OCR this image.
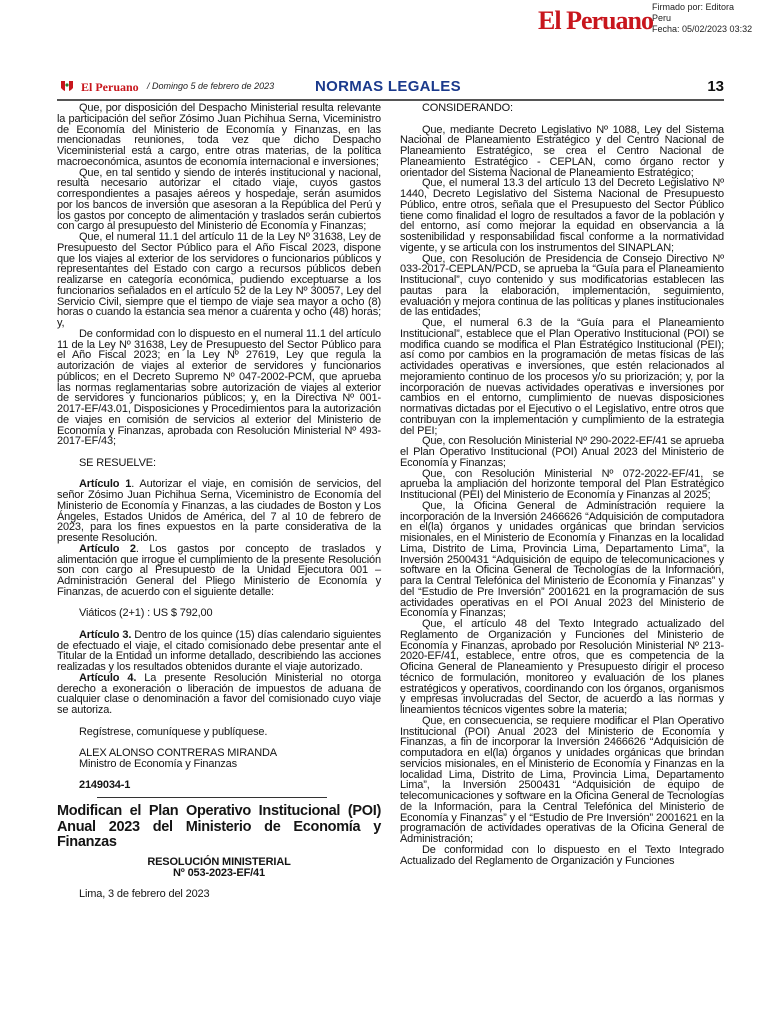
El Peruano Firmado por: Editora
Peru
Fecha: 05/02/2023 03:32
El Peruano / Domingo 5 de febrero de 2023	NORMAS LEGALES	13

Que, por disposición del Despacho Ministerial resulta relevante la participación del señor Zósimo Juan Pichihua Serna, Viceministro de Economía del Ministerio de Economía y Finanzas, en las mencionadas reuniones, toda vez que dicho Despacho Viceministerial está a cargo, entre otras materias, de la política macroeconómica, asuntos de economía internacional e inversiones;

Que, en tal sentido y siendo de interés institucional y nacional, resulta necesario autorizar el citado viaje, cuyos gastos correspondientes a pasajes aéreos y hospedaje, serán asumidos por los bancos de inversión que asesoran a la República del Perú y los gastos por concepto de alimentación y traslados serán cubiertos con cargo al presupuesto del Ministerio de Economía y Finanzas;

Que, el numeral 11.1 del artículo 11 de la Ley Nº 31638, Ley de Presupuesto del Sector Público para el Año Fiscal 2023, dispone que los viajes al exterior de los servidores o funcionarios públicos y representantes del Estado con cargo a recursos públicos deben realizarse en categoría económica, pudiendo exceptuarse a los funcionarios señalados en el artículo 52 de la Ley Nº 30057, Ley del Servicio Civil, siempre que el tiempo de viaje sea mayor a ocho (8) horas o cuando la estancia sea menor a cuarenta y ocho (48) horas; y,

De conformidad con lo dispuesto en el numeral 11.1 del artículo 11 de la Ley Nº 31638, Ley de Presupuesto del Sector Público para el Año Fiscal 2023; en la Ley Nº 27619, Ley que regula la autorización de viajes al exterior de servidores y funcionarios públicos; en el Decreto Supremo Nº 047-2002-PCM, que aprueba las normas reglamentarias sobre autorización de viajes al exterior de servidores y funcionarios públicos; y, en la Directiva Nº 001-2017-EF/43.01, Disposiciones y Procedimientos para la autorización de viajes en comisión de servicios al exterior del Ministerio de Economía y Finanzas, aprobada con Resolución Ministerial Nº 493-2017-EF/43;

SE RESUELVE:

Artículo 1. Autorizar el viaje, en comisión de servicios, del señor Zósimo Juan Pichihua Serna, Viceministro de Economía del Ministerio de Economía y Finanzas, a las ciudades de Boston y Los Ángeles, Estados Unidos de América, del 7 al 10 de febrero de 2023, para los fines expuestos en la parte considerativa de la presente Resolución.

Artículo 2. Los gastos por concepto de traslados y alimentación que irrogue el cumplimiento de la presente Resolución son con cargo al Presupuesto de la Unidad Ejecutora 001 – Administración General del Pliego Ministerio de Economía y Finanzas, de acuerdo con el siguiente detalle:

Viáticos (2+1) : US $ 792,00

Artículo 3. Dentro de los quince (15) días calendario siguientes de efectuado el viaje, el citado comisionado debe presentar ante el Titular de la Entidad un informe detallado, describiendo las acciones realizadas y los resultados obtenidos durante el viaje autorizado.

Artículo 4. La presente Resolución Ministerial no otorga derecho a exoneración o liberación de impuestos de aduana de cualquier clase o denominación a favor del comisionado cuyo viaje se autoriza.

Regístrese, comuníquese y publíquese.

ALEX ALONSO CONTRERAS MIRANDA

Ministro de Economía y Finanzas

2149034-1

Modifican el Plan Operativo Institucional (POI) Anual 2023 del Ministerio de Economía y Finanzas

RESOLUCIÓN MINISTERIAL

Nº 053-2023-EF/41

Lima, 3 de febrero del 2023

CONSIDERANDO:

Que, mediante Decreto Legislativo Nº 1088, Ley del Sistema Nacional de Planeamiento Estratégico y del Centro Nacional de Planeamiento Estratégico, se crea el Centro Nacional de Planeamiento Estratégico - CEPLAN, como órgano rector y orientador del Sistema Nacional de Planeamiento Estratégico;

Que, el numeral 13.3 del artículo 13 del Decreto Legislativo Nº 1440, Decreto Legislativo del Sistema Nacional de Presupuesto Público, entre otros, señala que el Presupuesto del Sector Público tiene como finalidad el logro de resultados a favor de la población y del entorno, así como mejorar la equidad en observancia a la sostenibilidad y responsabilidad fiscal conforme a la normatividad vigente, y se articula con los instrumentos del SINAPLAN;

Que, con Resolución de Presidencia de Consejo Directivo Nº 033-2017-CEPLAN/PCD, se aprueba la “Guía para el Planeamiento Institucional”, cuyo contenido y sus modificatorias establecen las pautas para la elaboración, implementación, seguimiento, evaluación y mejora continua de las políticas y planes institucionales de las entidades;

Que, el numeral 6.3 de la “Guía para el Planeamiento Institucional”, establece que el Plan Operativo Institucional (POI) se modifica cuando se modifica el Plan Estratégico Institucional (PEI); así como por cambios en la programación de metas físicas de las actividades operativas e inversiones, que estén relacionados al mejoramiento continuo de los procesos y/o su priorización; y, por la incorporación de nuevas actividades operativas e inversiones por cambios en el entorno, cumplimiento de nuevas disposiciones normativas dictadas por el Ejecutivo o el Legislativo, entre otros que contribuyan con la implementación y cumplimiento de la estrategia del PEI;

Que, con Resolución Ministerial Nº 290-2022-EF/41 se aprueba el Plan Operativo Institucional (POI) Anual 2023 del Ministerio de Economía y Finanzas;

Que, con Resolución Ministerial Nº 072-2022-EF/41, se aprueba la ampliación del horizonte temporal del Plan Estratégico Institucional (PEI) del Ministerio de Economía y Finanzas al 2025;

Que, la Oficina General de Administración requiere la incorporación de la Inversión 2466626 “Adquisición de computadora en el(la) órganos y unidades orgánicas que brindan servicios misionales, en el Ministerio de Economía y Finanzas en la localidad Lima, Distrito de Lima, Provincia Lima, Departamento Lima”, la Inversión 2500431 “Adquisición de equipo de telecomunicaciones y software en la Oficina General de Tecnologías de la Información, para la Central Telefónica del Ministerio de Economía y Finanzas” y del “Estudio de Pre Inversión” 2001621 en la programación de sus actividades operativas en el POI Anual 2023 del Ministerio de Economía y Finanzas;

Que, el artículo 48 del Texto Integrado actualizado del Reglamento de Organización y Funciones del Ministerio de Economía y Finanzas, aprobado por Resolución Ministerial Nº 213-2020-EF/41, establece, entre otros, que es competencia de la Oficina General de Planeamiento y Presupuesto dirigir el proceso técnico de formulación, monitoreo y evaluación de los planes estratégicos y operativos, coordinando con los órganos, organismos y empresas involucradas del Sector, de acuerdo a las normas y lineamientos técnicos vigentes sobre la materia;

Que, en consecuencia, se requiere modificar el Plan Operativo Institucional (POI) Anual 2023 del Ministerio de Economía y Finanzas, a fin de incorporar la Inversión 2466626 “Adquisición de computadora en el(la) órganos y unidades orgánicas que brindan servicios misionales, en el Ministerio de Economía y Finanzas en la localidad Lima, Distrito de Lima, Provincia Lima, Departamento Lima”, la Inversión 2500431 “Adquisición de equipo de telecomunicaciones y software en la Oficina General de Tecnologías de la Información, para la Central Telefónica del Ministerio de Economía y Finanzas” y el “Estudio de Pre Inversión” 2001621 en la programación de actividades operativas de la Oficina General de Administración;

De conformidad con lo dispuesto en el Texto Integrado Actualizado del Reglamento de Organización y Funciones
